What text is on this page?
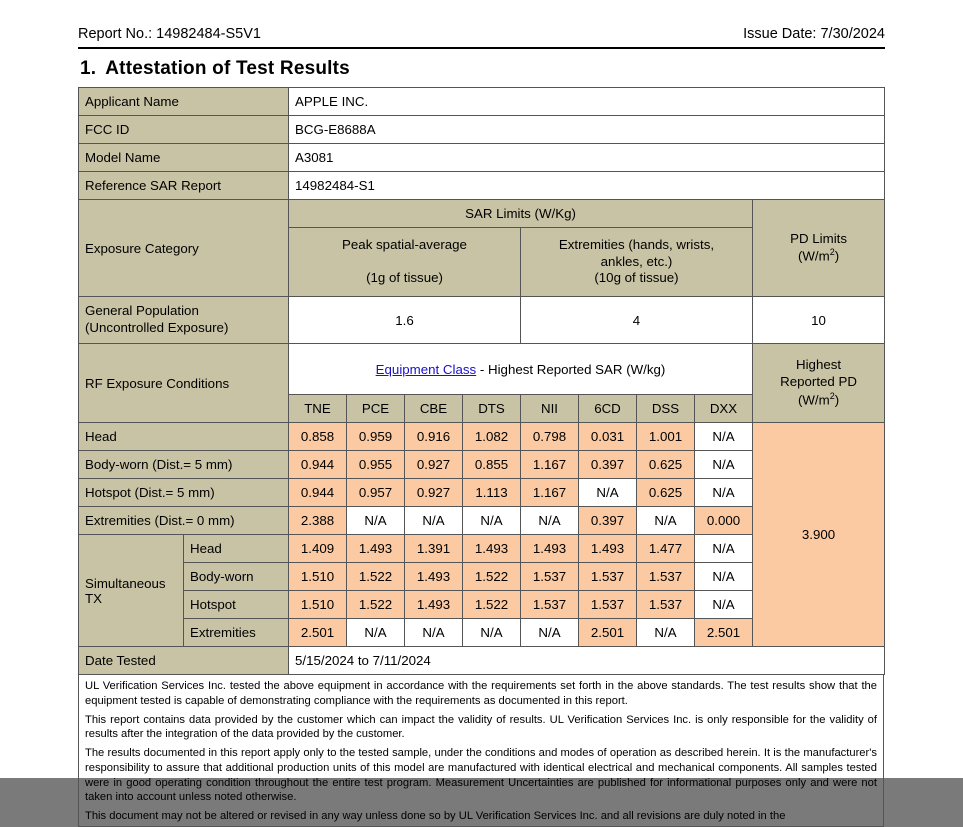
Report No.: 14982484-S5V1	Issue Date: 7/30/2024
1. Attestation of Test Results
Applicant Name		APPLE INC.								
FCC ID		BCG-E8688A								
Model Name		A3081								
Reference SAR Report		14982484-S1								
Exposure Category		SAR Limits (W/Kg)								PD Limits
$(W/m^2)$
		Peak spatial-average

(1g of tissue)				Extremities (hands, wrists,
ankles, etc.)
(10g of tissue)				
General Population
(Uncontrolled Exposure)		1.6				4				10
RF Exposure Conditions		Equipment Class - Highest Reported SAR (W/kg)								Highest
Reported PD
$(W/m^2)$
		TNE	PCE	CBE	DTS	NII	6CD	DSS	DXX	
Head		0.858	0.959	0.916	1.082	0.798	0.031	1.001	N/A	3.900
Body-worn (Dist.= 5 mm)		0.944	0.955	0.927	0.855	1.167	0.397	0.625	N/A	
Hotspot (Dist.= 5 mm)		0.944	0.957	0.927	1.113	1.167	N/A	0.625	N/A	
Extremities (Dist.= 0 mm)		2.388	N/A	N/A	N/A	N/A	0.397	N/A	0.000	
Simultaneous
TX	Head	1.409	1.493	1.391	1.493	1.493	1.493	1.477	N/A	
	Body-worn	1.510	1.522	1.493	1.522	1.537	1.537	1.537	N/A	
	Hotspot	1.510	1.522	1.493	1.522	1.537	1.537	1.537	N/A	
	Extremities	2.501	N/A	N/A	N/A	N/A	2.501	N/A	2.501	
Date Tested		5/15/2024 to 7/11/2024								

UL Verification Services Inc. tested the above equipment in accordance with the requirements set forth in the above standards. The test results show that the equipment tested is capable of demonstrating compliance with the requirements as documented in this report.

This report contains data provided by the customer which can impact the validity of results. UL Verification Services Inc. is only responsible for the validity of results after the integration of the data provided by the customer.

The results documented in this report apply only to the tested sample, under the conditions and modes of operation as described herein. It is the manufacturer's responsibility to assure that additional production units of this model are manufactured with identical electrical and mechanical components. All samples tested were in good operating condition throughout the entire test program. Measurement Uncertainties are published for informational purposes only and were not taken into account unless noted otherwise.

This document may not be altered or revised in any way unless done so by UL Verification Services Inc. and all revisions are duly noted in the
